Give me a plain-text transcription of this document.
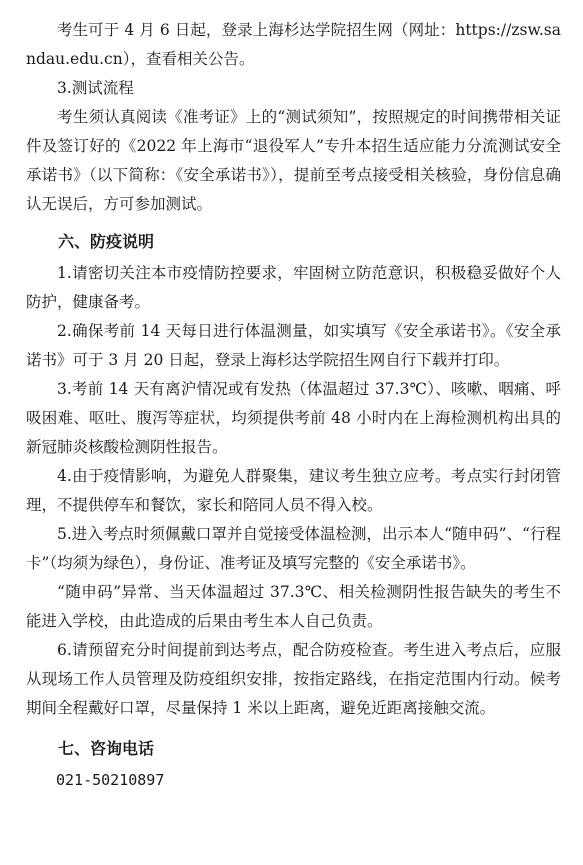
考生可于 4 月 6 日起，登录上海杉达学院招生网（网址：https://zsw.sandau.edu.cn），查看相关公告。

3.测试流程

考生须认真阅读《准考证》上的“测试须知”，按照规定的时间携带相关证件及签订好的《2022 年上海市“退役军人”专升本招生适应能力分流测试安全承诺书》（以下简称：《安全承诺书》），提前至考点接受相关核验，身份信息确认无误后，方可参加测试。

六、防疫说明

1.请密切关注本市疫情防控要求，牢固树立防范意识，积极稳妥做好个人防护，健康备考。

2.确保考前 14 天每日进行体温测量，如实填写《安全承诺书》。《安全承诺书》可于 3 月 20 日起，登录上海杉达学院招生网自行下载并打印。

3.考前 14 天有离沪情况或有发热（体温超过 37.3℃）、咳嗽、咽痛、呼吸困难、呕吐、腹泻等症状，均须提供考前 48 小时内在上海检测机构出具的新冠肺炎核酸检测阴性报告。

4.由于疫情影响，为避免人群聚集，建议考生独立应考。考点实行封闭管理，不提供停车和餐饮，家长和陪同人员不得入校。

5.进入考点时须佩戴口罩并自觉接受体温检测，出示本人“随申码”、“行程卡”（均须为绿色），身份证、准考证及填写完整的《安全承诺书》。

“随申码”异常、当天体温超过 37.3℃、相关检测阴性报告缺失的考生不能进入学校，由此造成的后果由考生本人自己负责。

6.请预留充分时间提前到达考点，配合防疫检查。考生进入考点后，应服从现场工作人员管理及防疫组织安排，按指定路线，在指定范围内行动。候考期间全程戴好口罩，尽量保持 1 米以上距离，避免近距离接触交流。

七、咨询电话

021-50210897
